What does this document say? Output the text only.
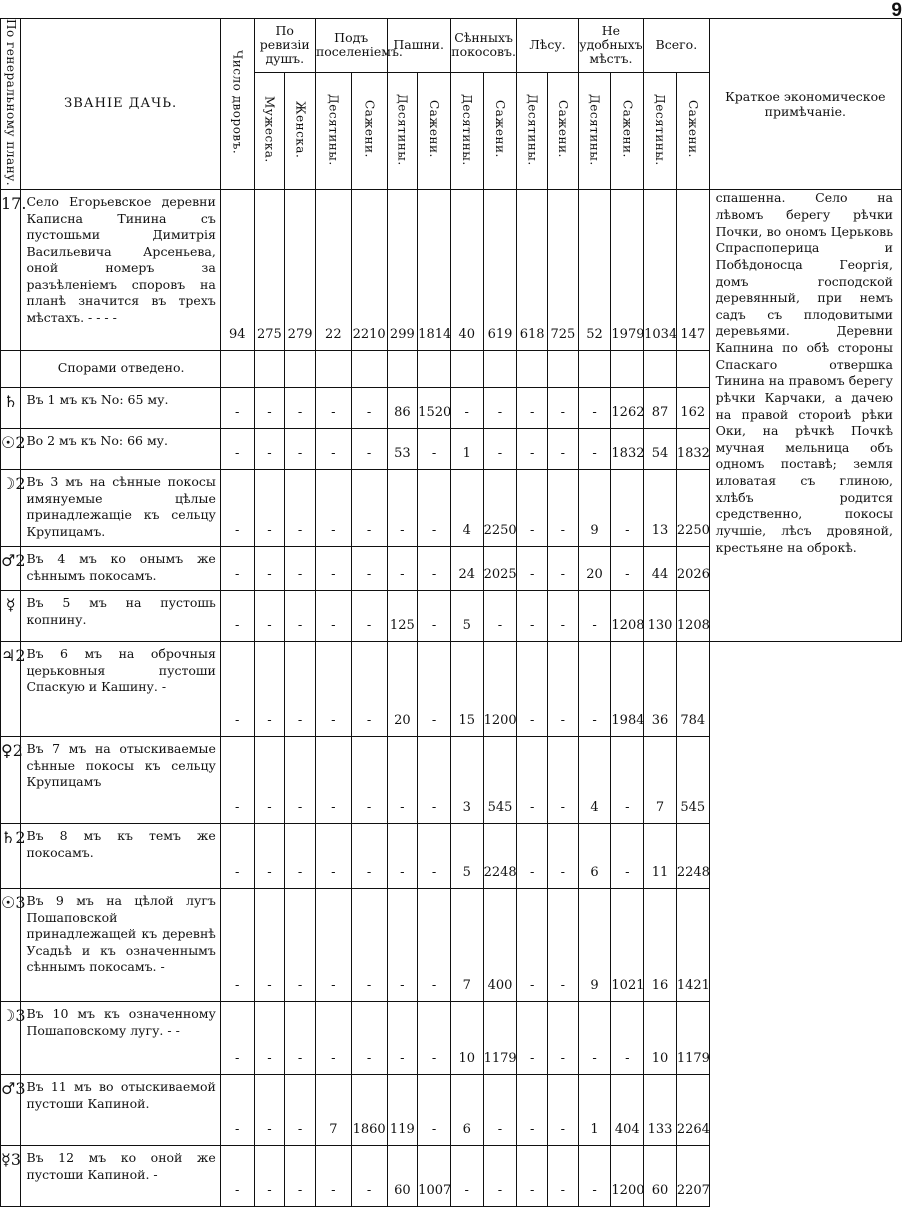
9
По генеральному плану.	ЗВАНIЕ ДАЧЬ.	Число дворовъ.	По ревизiи душъ.		Подъ поселенiемъ.		Пашни.		Сѣнныхъ покосовъ.		Лѣсу.		Не удобныхъ мѣстъ.		Всего.		Краткое экономическое примѣчанiе.
			Мужеска.	Женска.	Десятины.	Сажени.	Десятины.	Сажени.	Десятины.	Сажени.	Десятины.	Сажени.	Десятины.	Сажени.	Десятины.	Сажени.	
17.	Село Егорьевское деревни Каписна Тинина съ пустошьми Димитрiя Васильевича Арсеньева, оной номеръ за разъѣленiемъ споровъ на планѣ значится въ трехъ мѣстахъ. - - - -	94	275	279	22	2210	299	1814	40	619	618	725	52	1979	1034	147	спашенна. Село на лѣвомъ берегу рѣчки Почки, во ономъ Церьковь Спраспоперица и Побѣдоносца Георгiя, домъ господской деревянный, при немъ садъ съ плодовитыми деревьями. Деревни Капнина по обѣ стороны Спаскаго отвершка Тинина на правомъ берегу рѣчки Карчаки, а дачею на правой стороиѣ рѣки Оки, на рѣчкѣ Почкѣ мучная мельница объ одномъ поставѣ; земля иловатая съ глиною, хлѣбъ родится средственно, покосы лучшiе, лѣсъ дровяной, крестьяне на оброкѣ.
	Спорами отведено.																
♄	Въ 1 мъ къ No: 65 му.	-	-	-	-	-	86	1520	-	-	-	-	-	1262	87	162	
☉2	Во 2 мъ къ No: 66 му.	-	-	-	-	-	53	-	1	-	-	-	-	1832	54	1832	
☽2	Въ 3 мъ на сѣнные покосы имянуемые цѣлые принадлежащiе къ сельцу Крупицамъ.	-	-	-	-	-	-	-	4	2250	-	-	9	-	13	2250	
♂2	Въ 4 мъ ко онымъ же сѣннымъ покосамъ.	-	-	-	-	-	-	-	24	2025	-	-	20	-	44	2026	
☿	Въ 5 мъ на пустошь копнину.	-	-	-	-	-	125	-	5	-	-	-	-	1208	130	1208	
♃2	Въ 6 мъ на оброчныя церьковныя пустоши Спаскую и Кашину. -	-	-	-	-	-	20	-	15	1200	-	-	-	1984	36	784	
♀2	Въ 7 мъ на отыскиваемые сѣнные покосы къ сельцу Крупицамъ	-	-	-	-	-	-	-	3	545	-	-	4	-	7	545	
♄2	Въ 8 мъ къ темъ же покосамъ.	-	-	-	-	-	-	-	5	2248	-	-	6	-	11	2248	
☉3	Въ 9 мъ на цѣлой лугъ Пошаповской принадлежащей къ деревнѣ Усадьѣ и къ означеннымъ сѣннымъ покосамъ. -	-	-	-	-	-	-	-	7	400	-	-	9	1021	16	1421	
☽3	Въ 10 мъ къ означенному Пошаповскому лугу. - -	-	-	-	-	-	-	-	10	1179	-	-	-	-	10	1179	
♂3	Въ 11 мъ во отыскиваемой пустоши Капиной.	-	-	-	7	1860	119	-	6	-	-	-	1	404	133	2264	
☿3	Въ 12 мъ ко оной же пустоши Капиной. -	-	-	-	-	-	60	1007	-	-	-	-	-	1200	60	2207	
